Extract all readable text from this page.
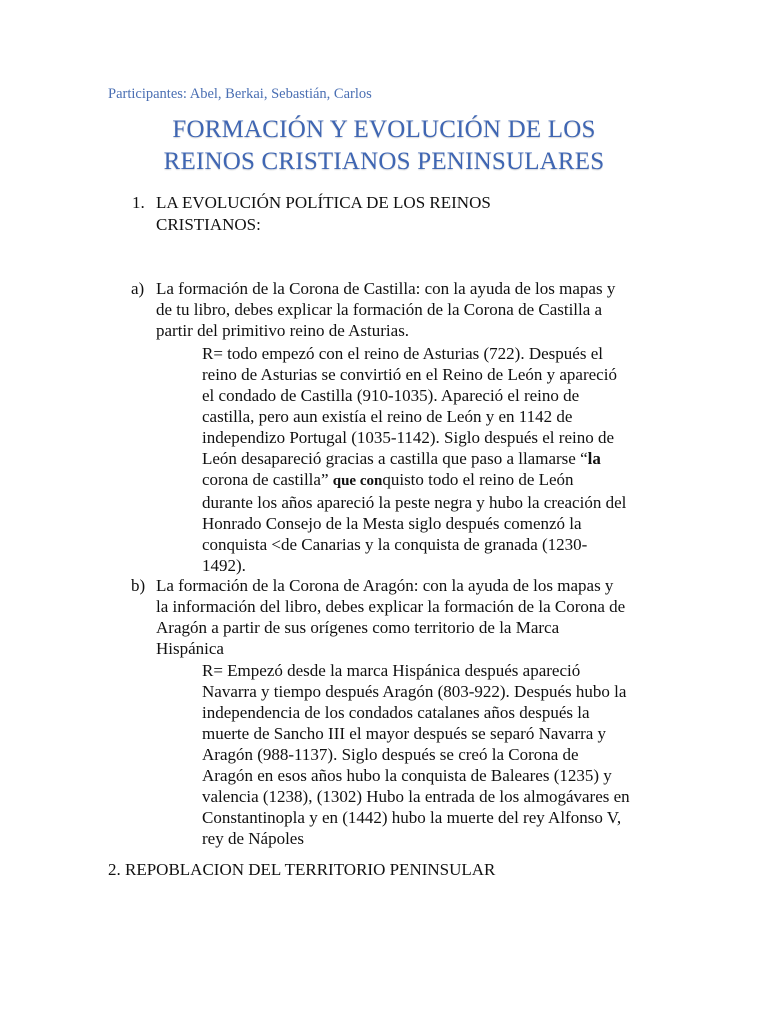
Participantes: Abel, Berkai, Sebastián, Carlos
FORMACIÓN Y EVOLUCIÓN DE LOS
REINOS CRISTIANOS PENINSULARES
1. LA EVOLUCIÓN POLÍTICA DE LOS REINOS
CRISTIANOS:
a) La formación de la Corona de Castilla: con la ayuda de los mapas y
de tu libro, debes explicar la formación de la Corona de Castilla a
partir del primitivo reino de Asturias.
R= todo empezó con el reino de Asturias (722). Después el
reino de Asturias se convirtió en el Reino de León y apareció
el condado de Castilla (910-1035). Apareció el reino de
castilla, pero aun existía el reino de León y en 1142 de
independizo Portugal (1035-1142). Siglo después el reino de
León desapareció gracias a castilla que paso a llamarse “la
corona de castilla” que conquisto todo el reino de León
durante los años apareció la peste negra y hubo la creación del
Honrado Consejo de la Mesta siglo después comenzó la
conquista <de Canarias y la conquista de granada (1230-
1492).
b) La formación de la Corona de Aragón: con la ayuda de los mapas y
la información del libro, debes explicar la formación de la Corona de
Aragón a partir de sus orígenes como territorio de la Marca
Hispánica
R= Empezó desde la marca Hispánica después apareció
Navarra y tiempo después Aragón (803-922). Después hubo la
independencia de los condados catalanes años después la
muerte de Sancho III el mayor después se separó Navarra y
Aragón (988-1137). Siglo después se creó la Corona de
Aragón en esos años hubo la conquista de Baleares (1235) y
valencia (1238), (1302) Hubo la entrada de los almogávares en
Constantinopla y en (1442) hubo la muerte del rey Alfonso V,
rey de Nápoles
2. REPOBLACION DEL TERRITORIO PENINSULAR
